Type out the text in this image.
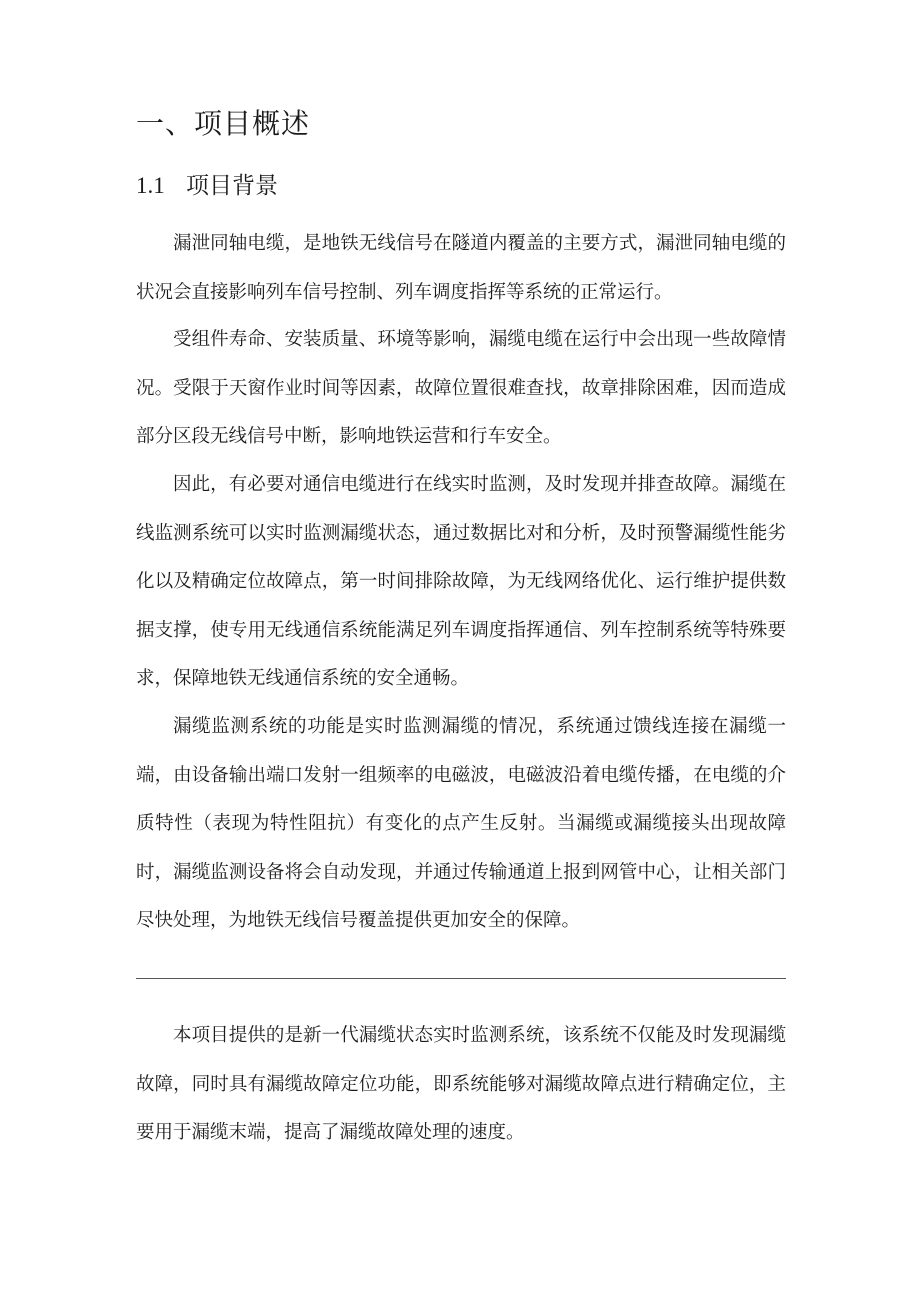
一、项目概述
1.1 项目背景

漏泄同轴电缆，是地铁无线信号在隧道内覆盖的主要方式，漏泄同轴电缆的状况会直接影响列车信号控制、列车调度指挥等系统的正常运行。

受组件寿命、安装质量、环境等影响，漏缆电缆在运行中会出现一些故障情况。受限于天窗作业时间等因素，故障位置很难查找，故章排除困难，因而造成部分区段无线信号中断，影响地铁运营和行车安全。

因此，有必要对通信电缆进行在线实时监测，及时发现并排查故障。漏缆在线监测系统可以实时监测漏缆状态，通过数据比对和分析，及时预警漏缆性能劣化以及精确定位故障点，第一时间排除故障，为无线网络优化、运行维护提供数据支撑，使专用无线通信系统能满足列车调度指挥通信、列车控制系统等特殊要求，保障地铁无线通信系统的安全通畅。

漏缆监测系统的功能是实时监测漏缆的情况，系统通过馈线连接在漏缆一端，由设备输出端口发射一组频率的电磁波，电磁波沿着电缆传播，在电缆的介质特性（表现为特性阻抗）有变化的点产生反射。当漏缆或漏缆接头出现故障时，漏缆监测设备将会自动发现，并通过传输通道上报到网管中心，让相关部门尽快处理，为地铁无线信号覆盖提供更加安全的保障。

本项目提供的是新一代漏缆状态实时监测系统，该系统不仅能及时发现漏缆故障，同时具有漏缆故障定位功能，即系统能够对漏缆故障点进行精确定位，主要用于漏缆末端，提高了漏缆故障处理的速度。
